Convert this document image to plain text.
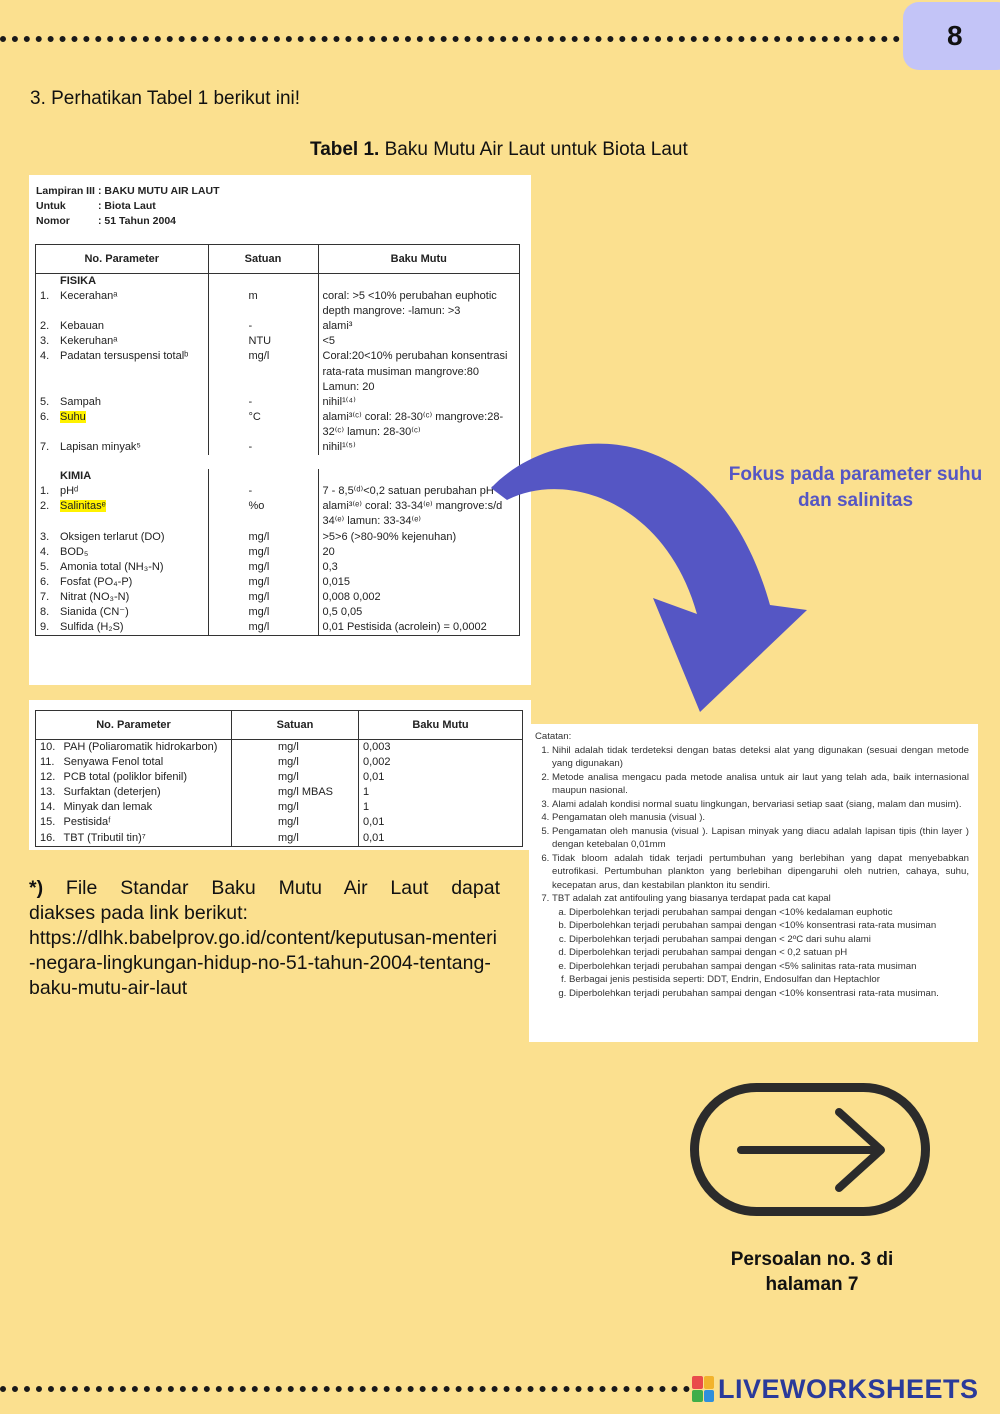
8
3. Perhatikan Tabel 1 berikut ini!
Tabel 1. Baku Mutu Air Laut untuk Biota Laut
Lampiran III : BAKU MUTU AIR LAUT
Untuk	: Biota Laut
Nomor	: 51 Tahun 2004
No. Parameter		Satuan	Baku Mutu
	FISIKA		
1.	Kecerahanᵃ	m	coral: >5 <10% perubahan euphotic depth mangrove: -lamun: >3
2.	Kebauan	-	alami³
3.	Kekeruhanᵃ	NTU	<5
4.	Padatan tersuspensi totalᵇ	mg/l	Coral:20<10% perubahan konsentrasi rata-rata musiman mangrove:80 Lamun: 20
5.	Sampah	-	nihil¹⁽⁴⁾
6.	Suhu	°C	alami³⁽ᶜ⁾ coral: 28-30⁽ᶜ⁾ mangrove:28-32⁽ᶜ⁾ lamun: 28-30⁽ᶜ⁾
7.	Lapisan minyak⁵	-	nihil¹⁽⁵⁾

	KIMIA		
1.	pHᵈ	-	7 - 8,5⁽ᵈ⁾<0,2 satuan perubahan pH
2.	Salinitasᵉ	%o	alami³⁽ᵉ⁾ coral: 33-34⁽ᵉ⁾ mangrove:s/d 34⁽ᵉ⁾ lamun: 33-34⁽ᵉ⁾
3.	Oksigen terlarut (DO)	mg/l	>5>6 (>80-90% kejenuhan)
4.	BOD₅	mg/l	20
5.	Amonia total (NH₃-N)	mg/l	0,3
6.	Fosfat (PO₄-P)	mg/l	0,015
7.	Nitrat (NO₃-N)	mg/l	0,008 0,002
8.	Sianida (CN⁻)	mg/l	0,5 0,05
9.	Sulfida (H₂S)	mg/l	0,01 Pestisida (acrolein) = 0,0002
No. Parameter		Satuan	Baku Mutu
10.	PAH (Poliaromatik hidrokarbon)	mg/l	0,003
11.	Senyawa Fenol total	mg/l	0,002
12.	PCB total (poliklor bifenil)	mg/l	0,01
13.	Surfaktan (deterjen)	mg/l MBAS	1
14.	Minyak dan lemak	mg/l	1
15.	Pestisidaᶠ	mg/l	0,01
16.	TBT (Tributil tin)⁷	mg/l	0,01
Catatan:
1. Nihil adalah tidak terdeteksi dengan batas deteksi alat yang digunakan (sesuai dengan metode yang digunakan)
2. Metode analisa mengacu pada metode analisa untuk air laut yang telah ada, baik internasional maupun nasional.
3. Alami adalah kondisi normal suatu lingkungan, bervariasi setiap saat (siang, malam dan musim).
4. Pengamatan oleh manusia (visual ).
5. Pengamatan oleh manusia (visual ). Lapisan minyak yang diacu adalah lapisan tipis (thin layer ) dengan ketebalan 0,01mm
6. Tidak bloom adalah tidak terjadi pertumbuhan yang berlebihan yang dapat menyebabkan eutrofikasi. Pertumbuhan plankton yang berlebihan dipengaruhi oleh nutrien, cahaya, suhu, kecepatan arus, dan kestabilan plankton itu sendiri.
7. TBT adalah zat antifouling yang biasanya terdapat pada cat kapal
a. Diperbolehkan terjadi perubahan sampai dengan <10% kedalaman euphotic
b. Diperbolehkan terjadi perubahan sampai dengan <10% konsentrasi rata-rata musiman
c. Diperbolehkan terjadi perubahan sampai dengan < 2ºC dari suhu alami
d. Diperbolehkan terjadi perubahan sampai dengan < 0,2 satuan pH
e. Diperbolehkan terjadi perubahan sampai dengan <5% salinitas rata-rata musiman
f. Berbagai jenis pestisida seperti: DDT, Endrin, Endosulfan dan Heptachlor
g. Diperbolehkan terjadi perubahan sampai dengan <10% konsentrasi rata-rata musiman.
Fokus pada parameter suhu dan salinitas
*) File Standar Baku Mutu Air Laut dapat
diakses pada link berikut:
https://dlhk.babelprov.go.id/content/keputusan-menteri-negara-lingkungan-hidup-no-51-tahun-2004-tentang-baku-mutu-air-laut
Persoalan no. 3 di halaman 7
LIVEWORKSHEETS
